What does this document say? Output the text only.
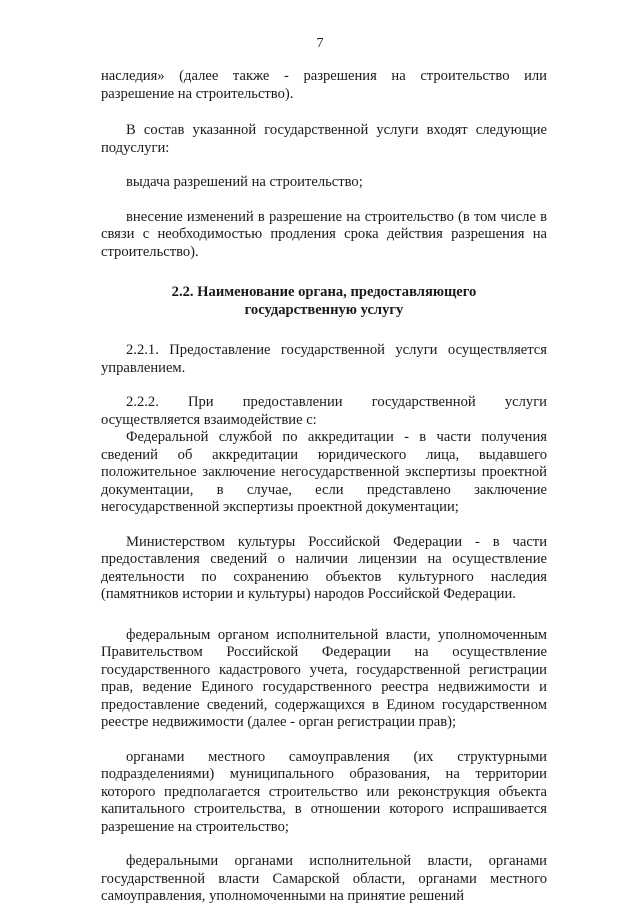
7

наследия» (далее также - разрешения на строительство или разрешение на строительство).

В состав указанной государственной услуги входят следующие подуслуги:

выдача разрешений на строительство;

внесение изменений в разрешение на строительство (в том числе в связи с необходимостью продления срока действия разрешения на строительство).

2.2. Наименование органа, предоставляющего

государственную услугу

2.2.1. Предоставление государственной услуги осуществляется управлением.

2.2.2. При предоставлении государственной услуги осуществляется взаимодействие с:

Федеральной службой по аккредитации - в части получения сведений об аккредитации юридического лица, выдавшего положительное заключение негосударственной экспертизы проектной документации, в случае, если представлено заключение негосударственной экспертизы проектной документации;

Министерством культуры Российской Федерации - в части предоставления сведений о наличии лицензии на осуществление деятельности по сохранению объектов культурного наследия (памятников истории и культуры) народов Российской Федерации.

федеральным органом исполнительной власти, уполномоченным Правительством Российской Федерации на осуществление государственного кадастрового учета, государственной регистрации прав, ведение Единого государственного реестра недвижимости и предоставление сведений, содержащихся в Едином государственном реестре недвижимости (далее - орган регистрации прав);

органами местного самоуправления (их структурными подразделениями) муниципального образования, на территории которого предполагается строительство или реконструкция объекта капитального строительства, в отношении которого испрашивается разрешение на строительство;

федеральными органами исполнительной власти, органами государственной власти Самарской области, органами местного самоуправления, уполномоченными на принятие решений
